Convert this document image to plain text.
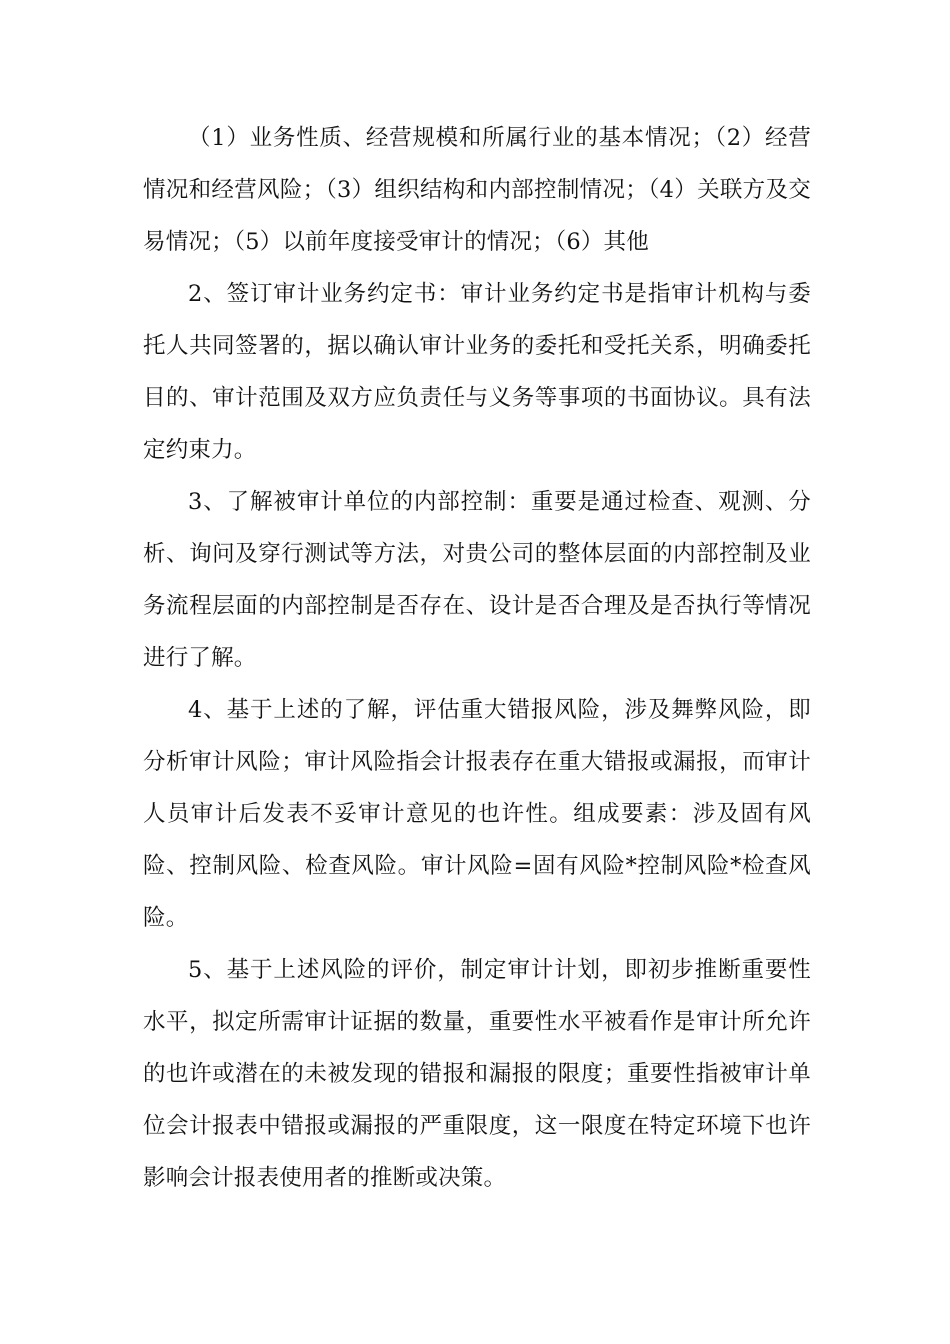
（1）业务性质、经营规模和所属行业的基本情况；（2）经营情况和经营风险；（3）组织结构和内部控制情况；（4）关联方及交易情况；（5）以前年度接受审计的情况；（6）其他

2、签订审计业务约定书：审计业务约定书是指审计机构与委托人共同签署的，据以确认审计业务的委托和受托关系，明确委托目的、审计范围及双方应负责任与义务等事项的书面协议。具有法定约束力。

3、了解被审计单位的内部控制：重要是通过检查、观测、分析、询问及穿行测试等方法，对贵公司的整体层面的内部控制及业务流程层面的内部控制是否存在、设计是否合理及是否执行等情况进行了解。

4、基于上述的了解，评估重大错报风险，涉及舞弊风险，即分析审计风险；审计风险指会计报表存在重大错报或漏报，而审计人员审计后发表不妥审计意见的也许性。组成要素：涉及固有风险、控制风险、检查风险。审计风险=固有风险*控制风险*检查风险。

5、基于上述风险的评价，制定审计计划，即初步推断重要性水平，拟定所需审计证据的数量，重要性水平被看作是审计所允许的也许或潜在的未被发现的错报和漏报的限度；重要性指被审计单位会计报表中错报或漏报的严重限度，这一限度在特定环境下也许影响会计报表使用者的推断或决策。
